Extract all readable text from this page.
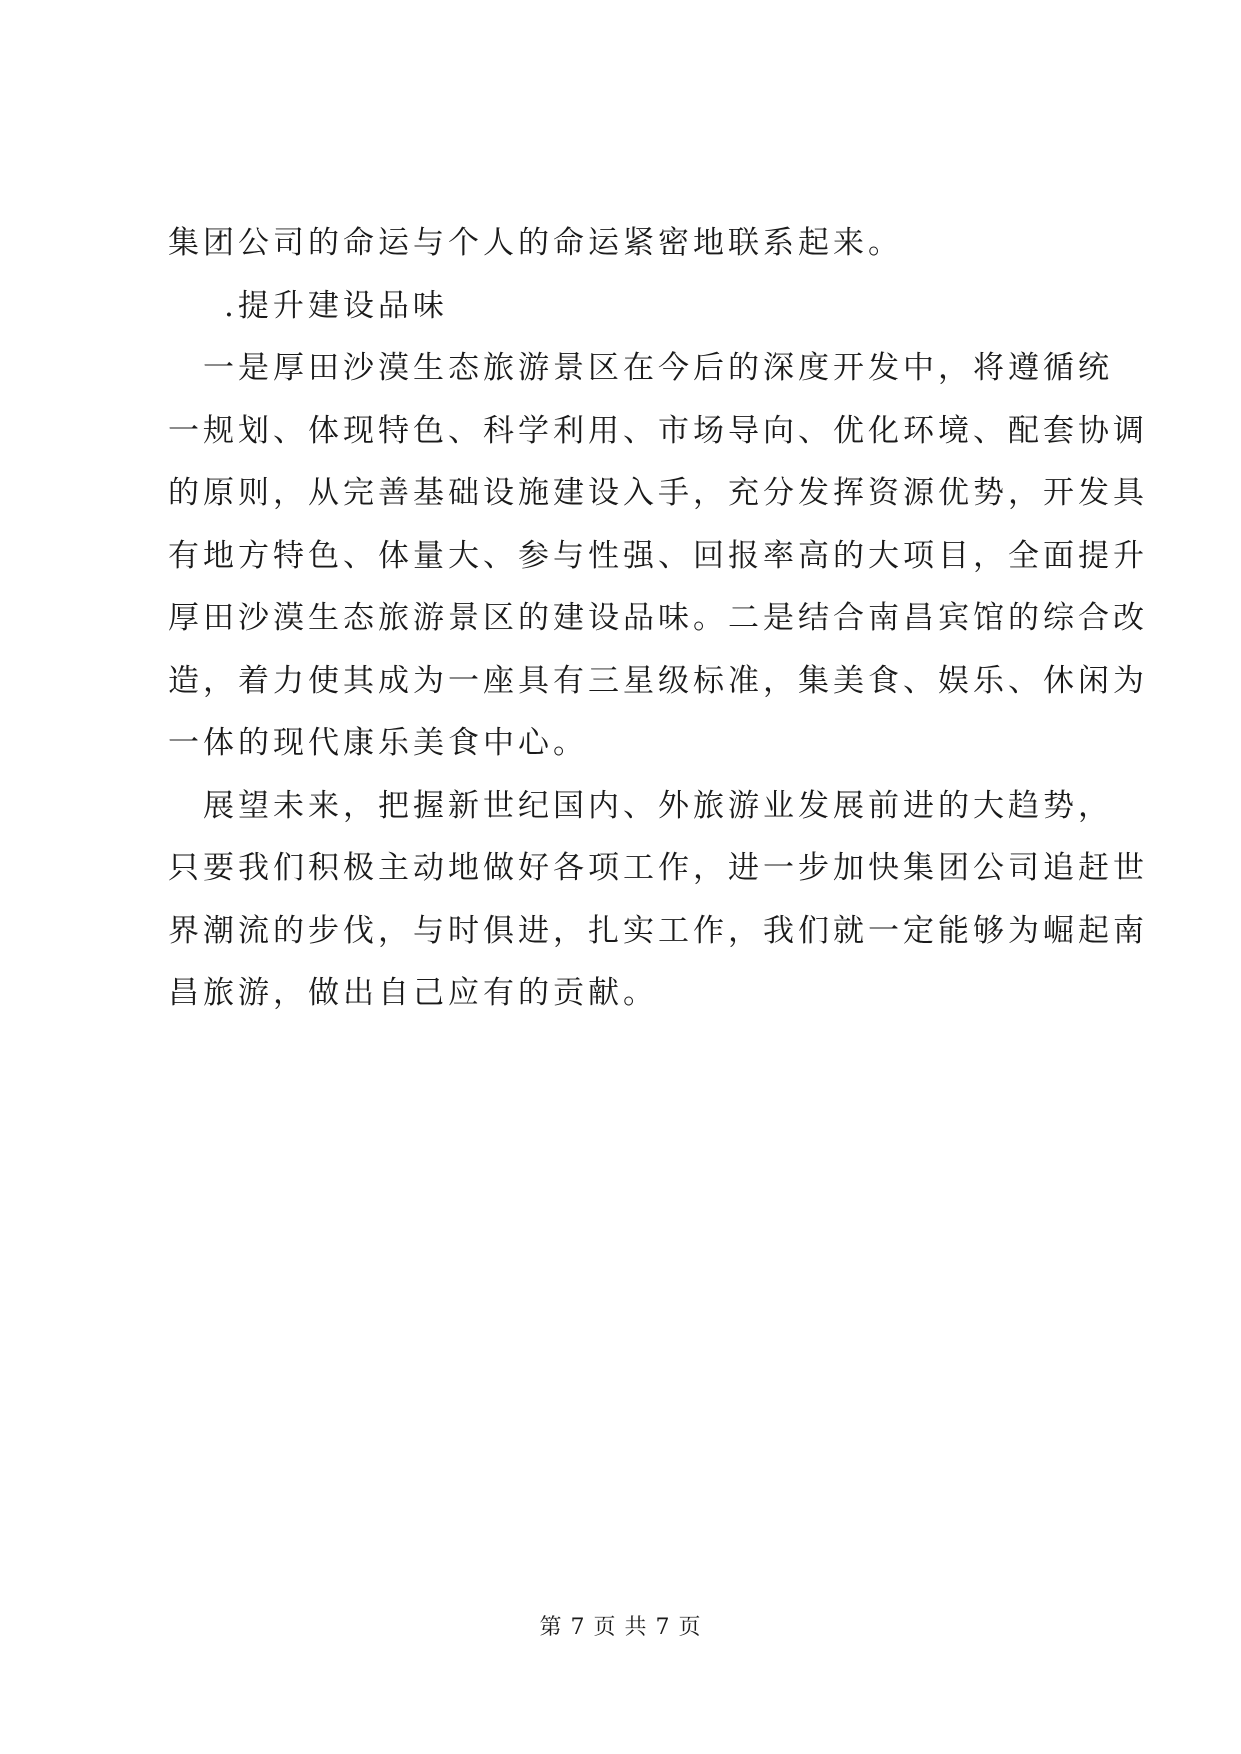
集团公司的命运与个人的命运紧密地联系起来。
.提升建设品味
　一是厚田沙漠生态旅游景区在今后的深度开发中，将遵循统
一规划、体现特色、科学利用、市场导向、优化环境、配套协调
的原则，从完善基础设施建设入手，充分发挥资源优势，开发具
有地方特色、体量大、参与性强、回报率高的大项目，全面提升
厚田沙漠生态旅游景区的建设品味。二是结合南昌宾馆的综合改
造，着力使其成为一座具有三星级标准，集美食、娱乐、休闲为
一体的现代康乐美食中心。
　展望未来，把握新世纪国内、外旅游业发展前进的大趋势，
只要我们积极主动地做好各项工作，进一步加快集团公司追赶世
界潮流的步伐，与时俱进，扎实工作，我们就一定能够为崛起南
昌旅游，做出自己应有的贡献。
第 7 页 共 7 页
